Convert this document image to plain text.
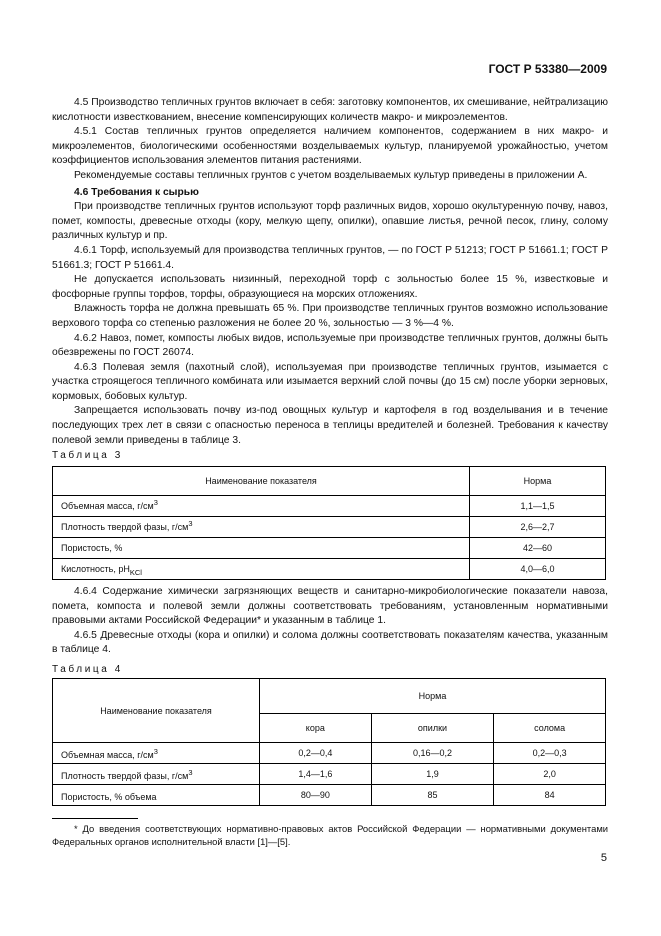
ГОСТ Р 53380—2009

4.5 Производство тепличных грунтов включает в себя: заготовку компонентов, их смешивание, нейтрализацию кислотности известкованием, внесение компенсирующих количеств макро- и микроэлементов.

4.5.1 Состав тепличных грунтов определяется наличием компонентов, содержанием в них макро- и микроэлементов, биологическими особенностями возделываемых культур, планируемой урожайностью, учетом коэффициентов использования элементов питания растениями.

Рекомендуемые составы тепличных грунтов с учетом возделываемых культур приведены в приложении А.

4.6 Требования к сырью

При производстве тепличных грунтов используют торф различных видов, хорошо окультуренную почву, навоз, помет, компосты, древесные отходы (кору, мелкую щепу, опилки), опавшие листья, речной песок, глину, солому различных культур и пр.

4.6.1 Торф, используемый для производства тепличных грунтов, — по ГОСТ Р 51213; ГОСТ Р 51661.1; ГОСТ Р 51661.3; ГОСТ Р 51661.4.

Не допускается использовать низинный, переходной торф с зольностью более 15 %, известковые и фосфорные группы торфов, торфы, образующиеся на морских отложениях.

Влажность торфа не должна превышать 65 %. При производстве тепличных грунтов возможно использование верхового торфа со степенью разложения не более 20 %, зольностью — 3 %—4 %.

4.6.2 Навоз, помет, компосты любых видов, используемые при производстве тепличных грунтов, должны быть обезврежены по ГОСТ 26074.

4.6.3 Полевая земля (пахотный слой), используемая при производстве тепличных грунтов, изымается с участка строящегося тепличного комбината или изымается верхний слой почвы (до 15 см) после уборки зерновых, кормовых, бобовых культур.

Запрещается использовать почву из-под овощных культур и картофеля в год возделывания и в течение последующих трех лет в связи с опасностью переноса в теплицы вредителей и болезней. Требования к качеству полевой земли приведены в таблице 3.

Таблица 3
Наименование показателя	Норма
Объемная масса, $г/см^3$	1,1—1,5
Плотность твердой фазы, $г/см^3$	2,6—2,7
Пористость, %	42—60
Кислотность, $pH_{KCl}$	4,0—6,0

4.6.4 Содержание химически загрязняющих веществ и санитарно-микробиологические показатели навоза, помета, компоста и полевой земли должны соответствовать требованиям, установленным нормативными правовыми актами Российской Федерации* и указанным в таблице 1.

4.6.5 Древесные отходы (кора и опилки) и солома должны соответствовать показателям качества, указанным в таблице 4.

Таблица 4
Наименование показателя	Норма		
	кора	опилки	солома
Объемная масса, $г/см^3$	0,2—0,4	0,16—0,2	0,2—0,3
Плотность твердой фазы, $г/см^3$	1,4—1,6	1,9	2,0
Пористость, % объема	80—90	85	84

* До введения соответствующих нормативно-правовых актов Российской Федерации — нормативными документами Федеральных органов исполнительной власти [1]—[5].

5
